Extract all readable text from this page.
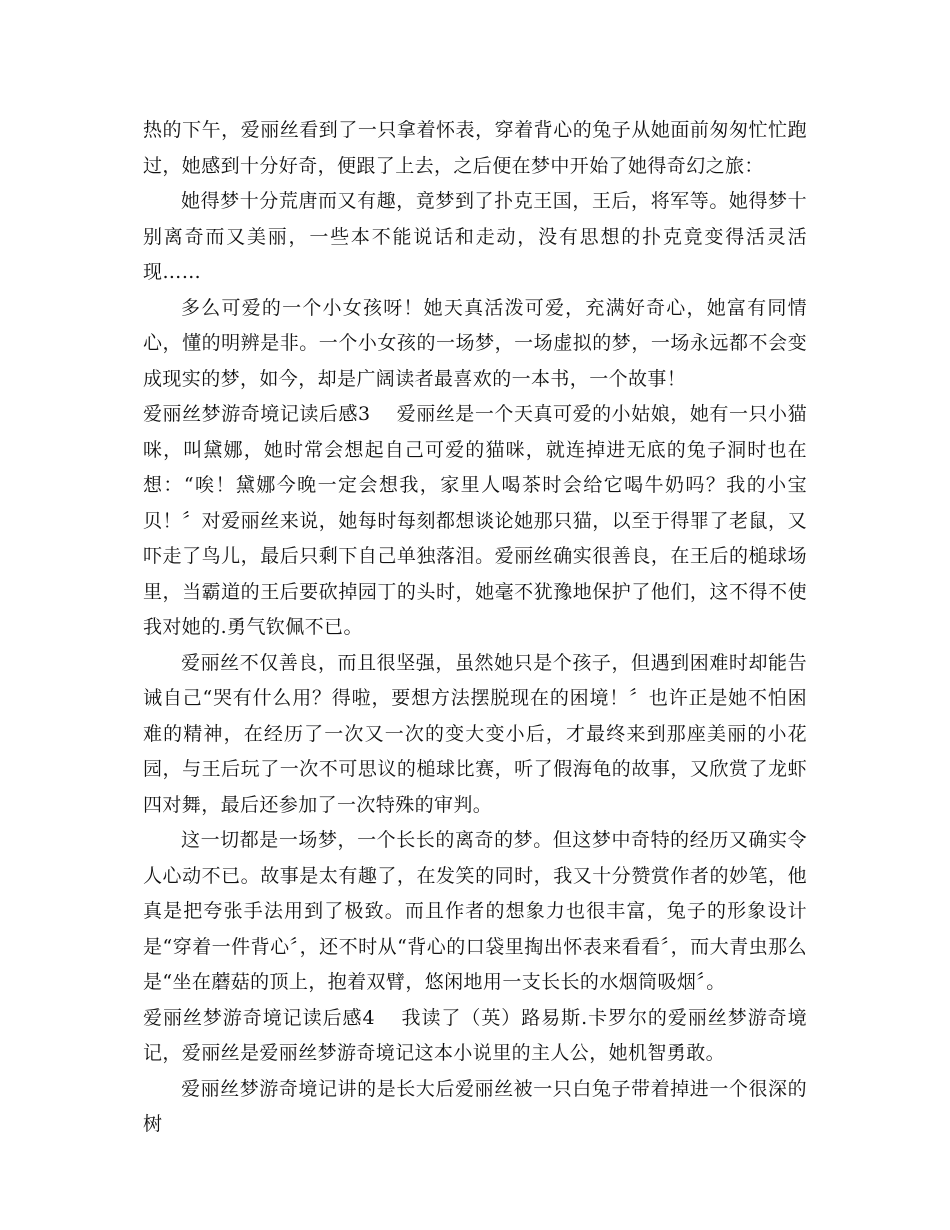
热的下午，爱丽丝看到了一只拿着怀表，穿着背心的兔子从她面前匆匆忙忙跑过，她感到十分好奇，便跟了上去，之后便在梦中开始了她得奇幻之旅：

她得梦十分荒唐而又有趣，竟梦到了扑克王国，王后，将军等。她得梦十别离奇而又美丽，一些本不能说话和走动，没有思想的扑克竟变得活灵活现……

多么可爱的一个小女孩呀！她天真活泼可爱，充满好奇心，她富有同情心，懂的明辨是非。一个小女孩的一场梦，一场虚拟的梦，一场永远都不会变成现实的梦，如今，却是广阔读者最喜欢的一本书，一个故事！

爱丽丝梦游奇境记读后感3 爱丽丝是一个天真可爱的小姑娘，她有一只小猫咪，叫黛娜，她时常会想起自己可爱的猫咪，就连掉进无底的兔子洞时也在想：“唉！黛娜今晚一定会想我，家里人喝茶时会给它喝牛奶吗？我的小宝贝！〞对爱丽丝来说，她每时每刻都想谈论她那只猫，以至于得罪了老鼠，又吓走了鸟儿，最后只剩下自己单独落泪。爱丽丝确实很善良，在王后的槌球场里，当霸道的王后要砍掉园丁的头时，她毫不犹豫地保护了他们，这不得不使我对她的.勇气钦佩不已。

爱丽丝不仅善良，而且很坚强，虽然她只是个孩子，但遇到困难时却能告诫自己“哭有什么用？得啦，要想方法摆脱现在的困境！〞也许正是她不怕困难的精神，在经历了一次又一次的变大变小后，才最终来到那座美丽的小花园，与王后玩了一次不可思议的槌球比赛，听了假海龟的故事，又欣赏了龙虾四对舞，最后还参加了一次特殊的审判。

这一切都是一场梦，一个长长的离奇的梦。但这梦中奇特的经历又确实令人心动不已。故事是太有趣了，在发笑的同时，我又十分赞赏作者的妙笔，他真是把夸张手法用到了极致。而且作者的想象力也很丰富，兔子的形象设计是“穿着一件背心〞，还不时从“背心的口袋里掏出怀表来看看〞，而大青虫那么是“坐在蘑菇的顶上，抱着双臂，悠闲地用一支长长的水烟筒吸烟〞。

爱丽丝梦游奇境记读后感4 我读了（英）路易斯.卡罗尔的爱丽丝梦游奇境记，爱丽丝是爱丽丝梦游奇境记这本小说里的主人公，她机智勇敢。

爱丽丝梦游奇境记讲的是长大后爱丽丝被一只白兔子带着掉进一个很深的树
